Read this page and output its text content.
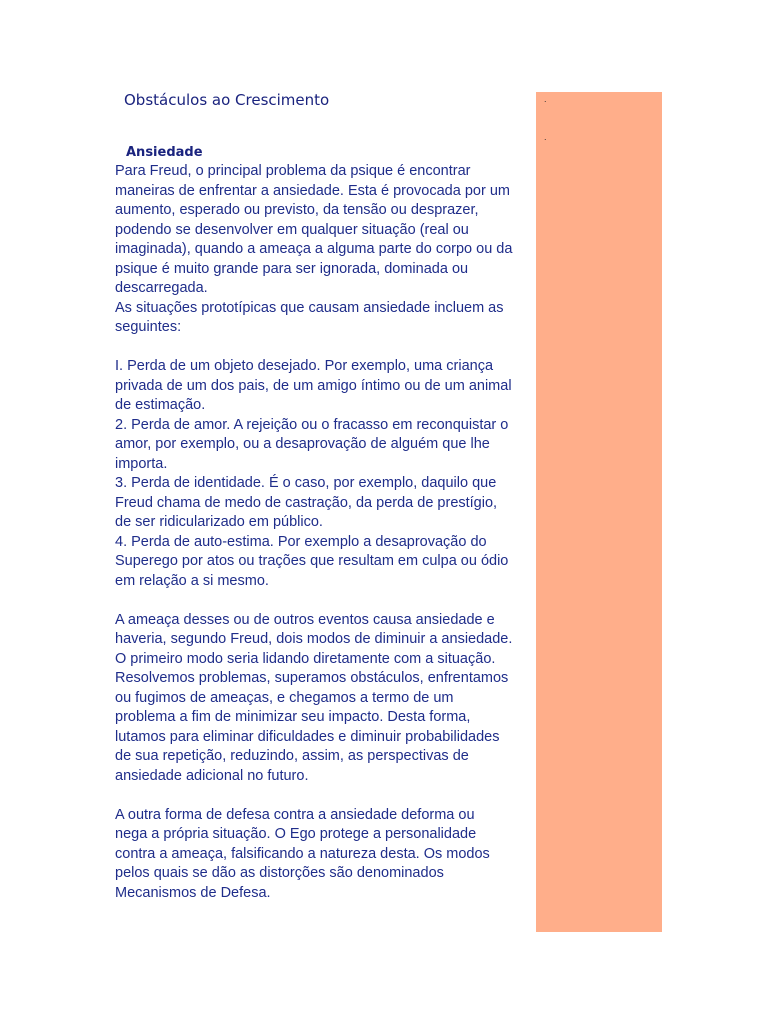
Obstáculos ao Crescimento
Ansiedade
Para Freud, o principal problema da psique é encontrar
maneiras de enfrentar a ansiedade. Esta é provocada por um
aumento, esperado ou previsto, da tensão ou desprazer,
podendo se desenvolver em qualquer situação (real ou
imaginada), quando a ameaça a alguma parte do corpo ou da
psique é muito grande para ser ignorada, dominada ou
descarregada.
As situações prototípicas que causam ansiedade incluem as
seguintes:
I. Perda de um objeto desejado. Por exemplo, uma criança
privada de um dos pais, de um amigo íntimo ou de um animal
de estimação.
2. Perda de amor. A rejeição ou o fracasso em reconquistar o
amor, por exemplo, ou a desaprovação de alguém que lhe
importa.
3. Perda de identidade. É o caso, por exemplo, daquilo que
Freud chama de medo de castração, da perda de prestígio,
de ser ridicularizado em público.
4. Perda de auto-estima. Por exemplo a desaprovação do
Superego por atos ou trações que resultam em culpa ou ódio
em relação a si mesmo.
A ameaça desses ou de outros eventos causa ansiedade e
haveria, segundo Freud, dois modos de diminuir a ansiedade.
O primeiro modo seria lidando diretamente com a situação.
Resolvemos problemas, superamos obstáculos, enfrentamos
ou fugimos de ameaças, e chegamos a termo de um
problema a fim de minimizar seu impacto. Desta forma,
lutamos para eliminar dificuldades e diminuir probabilidades
de sua repetição, reduzindo, assim, as perspectivas de
ansiedade adicional no futuro.
A outra forma de defesa contra a ansiedade deforma ou
nega a própria situação. O Ego protege a personalidade
contra a ameaça, falsificando a natureza desta. Os modos
pelos quais se dão as distorções são denominados
Mecanismos de Defesa.
.
.
